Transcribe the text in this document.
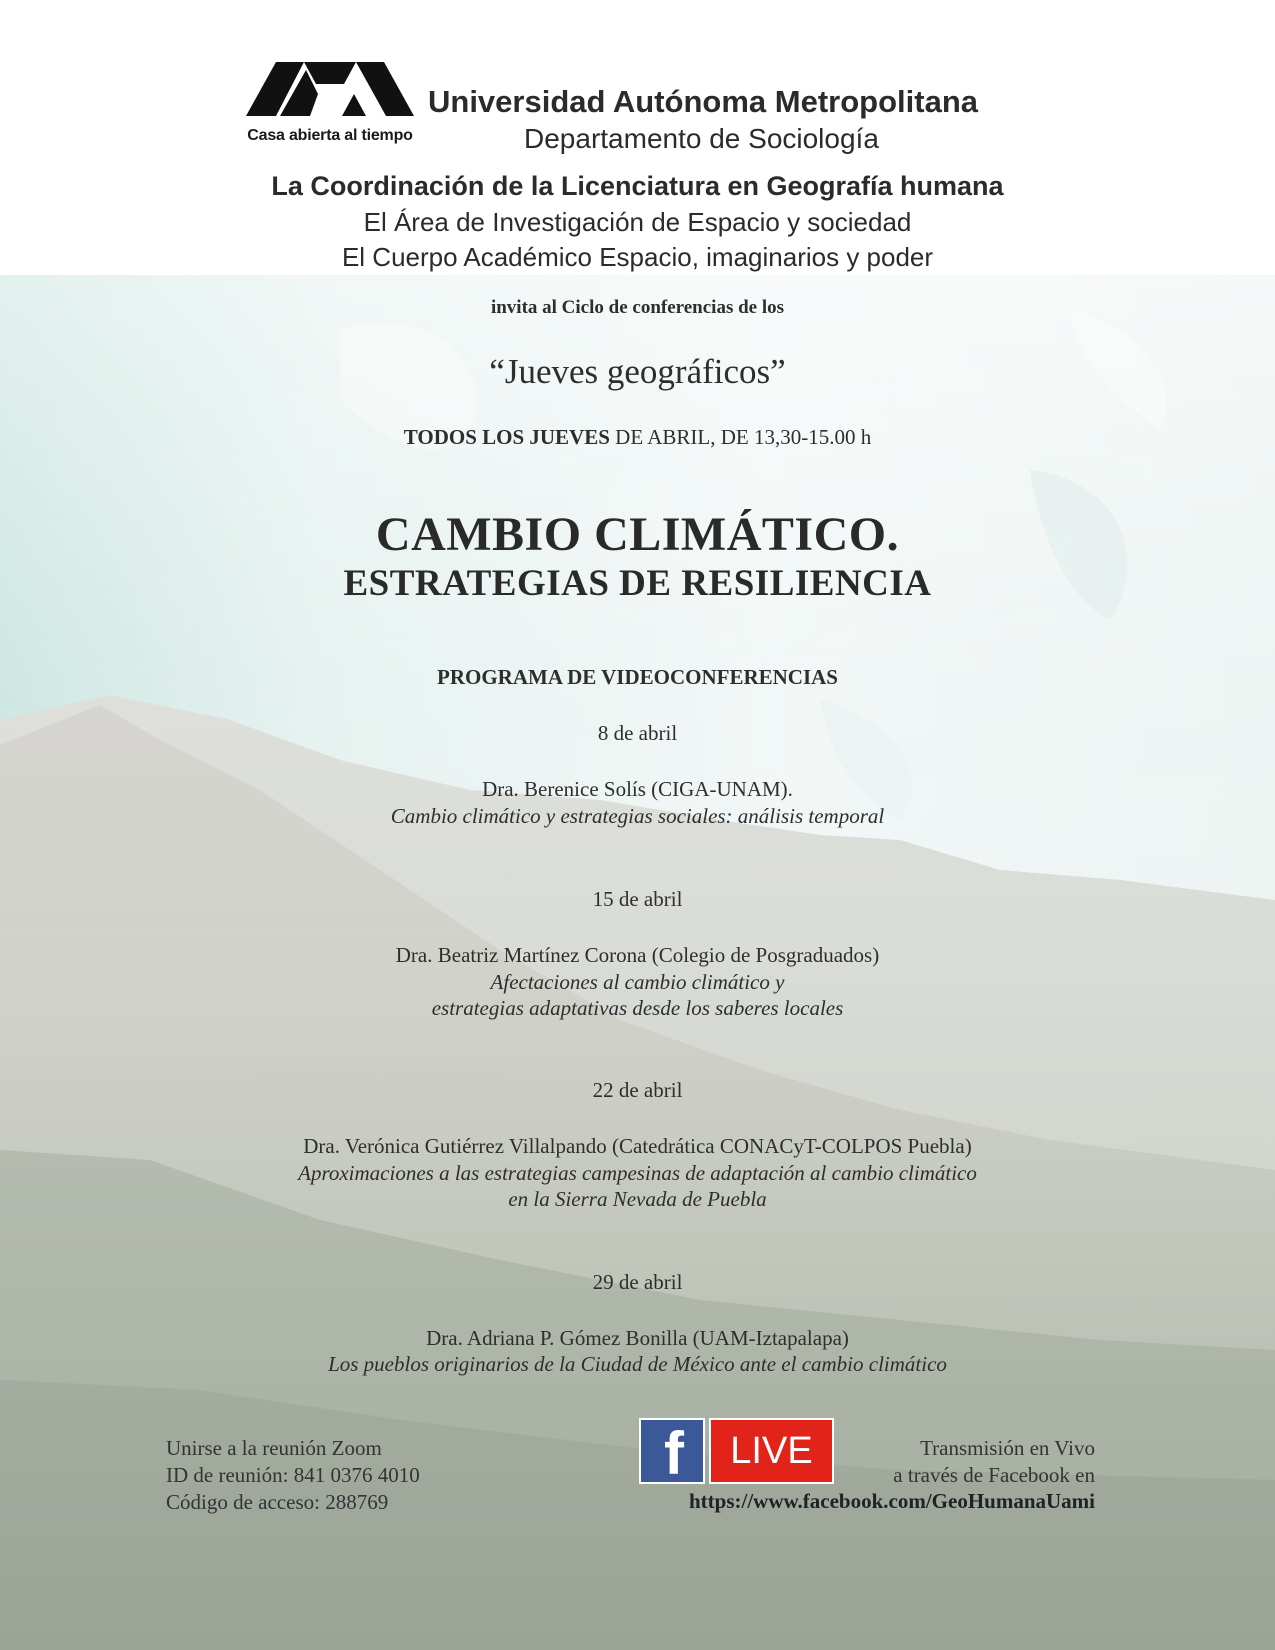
Casa abierta al tiempo
Universidad Autónoma Metropolitana
Departamento de Sociología
La Coordinación de la Licenciatura en Geografía humana
El Área de Investigación de Espacio y sociedad
El Cuerpo Académico Espacio, imaginarios y poder
invita al Ciclo de conferencias de los
“Jueves geográficos”
TODOS LOS JUEVES DE ABRIL, DE 13,30-15.00 h
CAMBIO CLIMÁTICO.
ESTRATEGIAS DE RESILIENCIA
PROGRAMA DE VIDEOCONFERENCIAS
8 de abril
Dra. Berenice Solís (CIGA-UNAM).
Cambio climático y estrategias sociales: análisis temporal
15 de abril
Dra. Beatriz Martínez Corona (Colegio de Posgraduados)
Afectaciones al cambio climático y
estrategias adaptativas desde los saberes locales
22 de abril
Dra. Verónica Gutiérrez Villalpando (Catedrática CONACyT-COLPOS Puebla)
Aproximaciones a las estrategias campesinas de adaptación al cambio climático
en la Sierra Nevada de Puebla
29 de abril
Dra. Adriana P. Gómez Bonilla (UAM-Iztapalapa)
Los pueblos originarios de la Ciudad de México ante el cambio climático
Unirse a la reunión Zoom
ID de reunión: 841 0376 4010
Código de acceso: 288769
f	LIVE	Transmisión en Vivo
a través de Facebook en
https://www.facebook.com/GeoHumanaUami
